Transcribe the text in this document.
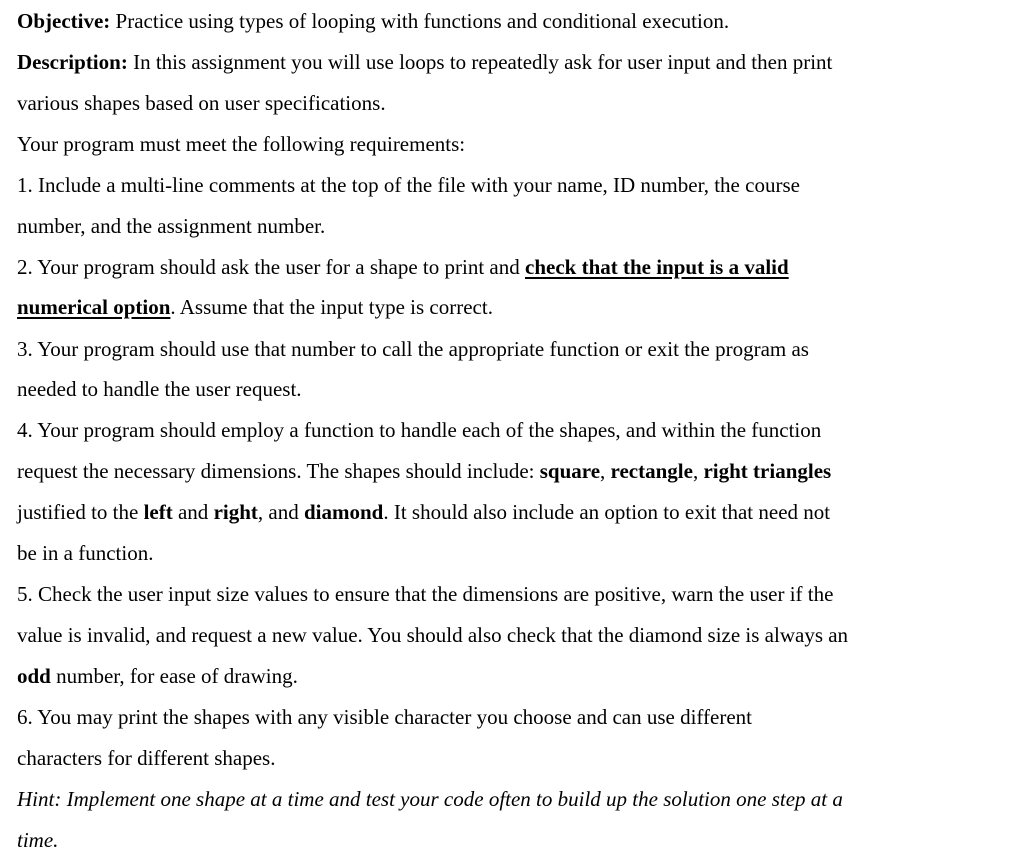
Objective: Practice using types of looping with functions and conditional execution.
Description: In this assignment you will use loops to repeatedly ask for user input and then print
various shapes based on user specifications.
Your program must meet the following requirements:
1. Include a multi-line comments at the top of the file with your name, ID number, the course
number, and the assignment number.
2. Your program should ask the user for a shape to print and check that the input is a valid
numerical option. Assume that the input type is correct.
3. Your program should use that number to call the appropriate function or exit the program as
needed to handle the user request.
4. Your program should employ a function to handle each of the shapes, and within the function
request the necessary dimensions. The shapes should include: square, rectangle, right triangles
justified to the left and right, and diamond. It should also include an option to exit that need not
be in a function.
5. Check the user input size values to ensure that the dimensions are positive, warn the user if the
value is invalid, and request a new value. You should also check that the diamond size is always an
odd number, for ease of drawing.
6. You may print the shapes with any visible character you choose and can use different
characters for different shapes.
Hint: Implement one shape at a time and test your code often to build up the solution one step at a
time.
